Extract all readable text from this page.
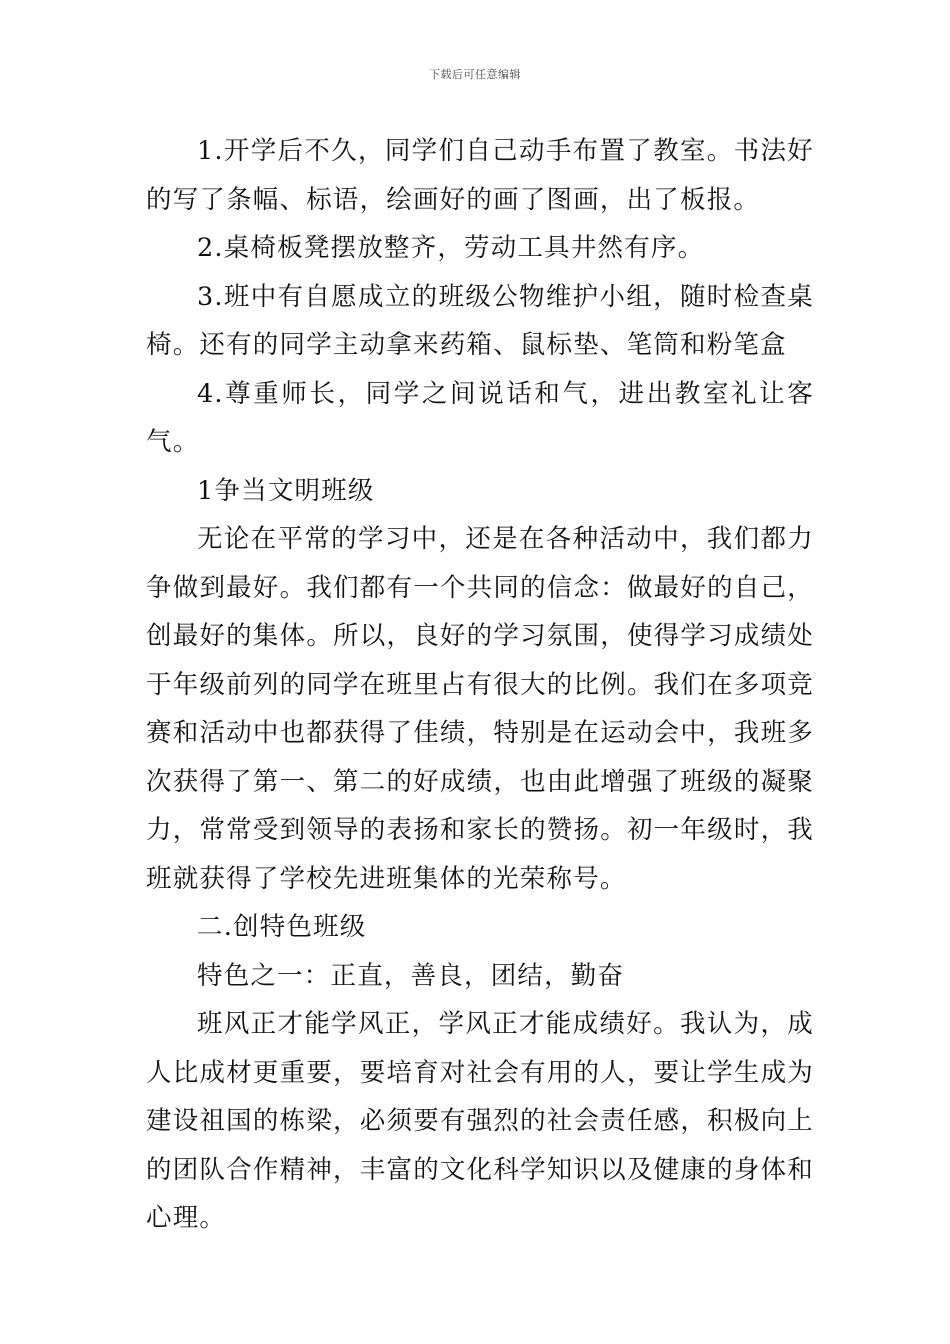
下载后可任意编辑

1.开学后不久，同学们自己动手布置了教室。书法好的写了条幅、标语，绘画好的画了图画，出了板报。

2.桌椅板凳摆放整齐，劳动工具井然有序。

3.班中有自愿成立的班级公物维护小组，随时检查桌椅。还有的同学主动拿来药箱、鼠标垫、笔筒和粉笔盒

4.尊重师长，同学之间说话和气，进出教室礼让客气。

1争当文明班级

无论在平常的学习中，还是在各种活动中，我们都力争做到最好。我们都有一个共同的信念：做最好的自己，创最好的集体。所以，良好的学习氛围，使得学习成绩处于年级前列的同学在班里占有很大的比例。我们在多项竞赛和活动中也都获得了佳绩，特别是在运动会中，我班多次获得了第一、第二的好成绩，也由此增强了班级的凝聚力，常常受到领导的表扬和家长的赞扬。初一年级时，我班就获得了学校先进班集体的光荣称号。

二.创特色班级

特色之一：正直，善良，团结，勤奋

班风正才能学风正，学风正才能成绩好。我认为，成人比成材更重要，要培育对社会有用的人，要让学生成为建设祖国的栋梁，必须要有强烈的社会责任感，积极向上的团队合作精神，丰富的文化科学知识以及健康的身体和心理。
